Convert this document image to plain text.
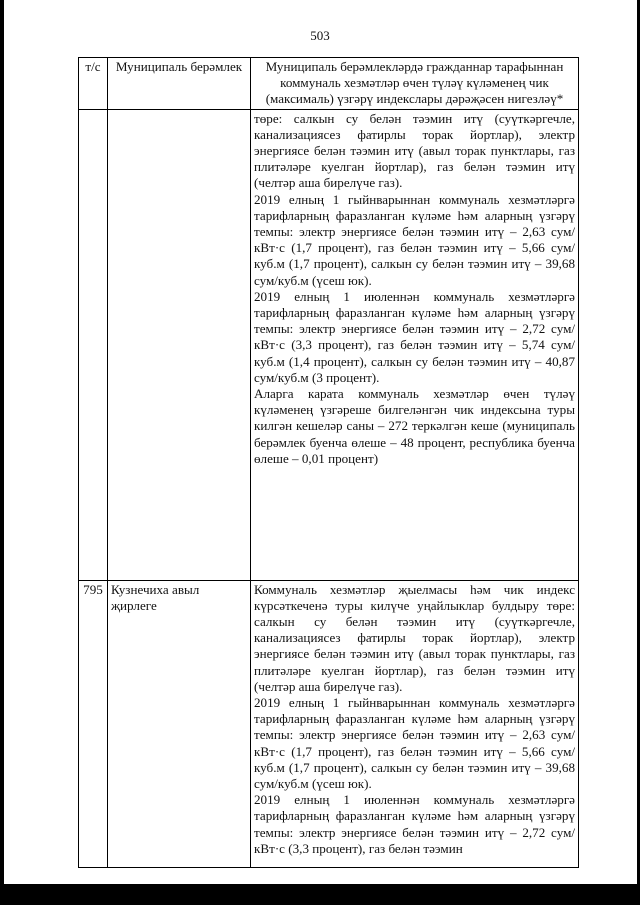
503
т/с	Муниципаль берәмлек	Муниципаль берәмлекләрдә гражданнар тарафыннан коммуналь хезмәтләр өчен түләү күләменең чик (максималь) үзгәрү индекслары дәрәҗәсен нигезләү*

		төре: салкын су белән тәэмин итү (суүткәргечле, канализациясез фатирлы торак йортлар), электр энергиясе белән тәэмин итү (авыл торак пунктлары, газ плитәләре куелган йортлар), газ белән тәэмин итү (челтәр аша бирелүче газ).

2019 елның 1 гыйнварыннан коммуналь хезмәтләргә тарифларның фаразланган күләме һәм аларның үзгәрү темпы: электр энергиясе белән тәэмин итү – 2,63 сум/кВт·с (1,7 процент), газ белән тәэмин итү – 5,66 сум/куб.м (1,7 процент), салкын су белән тәэмин итү – 39,68 сум/куб.м (үсеш юк).

2019 елның 1 июленнән коммуналь хезмәтләргә тарифларның фаразланган күләме һәм аларның үзгәрү темпы: электр энергиясе белән тәэмин итү – 2,72 сум/кВт·с (3,3 процент), газ белән тәэмин итү – 5,74 сум/куб.м (1,4 процент), салкын су белән тәэмин итү – 40,87 сум/куб.м (3 процент).

Аларга карата коммуналь хезмәтләр өчен түләү күләменең үзгәреше билгеләнгән чик индексына туры килгән кешеләр саны – 272 теркәлгән кеше (муниципаль берәмлек буенча өлеше – 48 процент, республика буенча өлеше – 0,01 процент)

795	Кузнечиха авыл җирлеге	Коммуналь хезмәтләр җыелмасы һәм чик индекс күрсәткеченә туры килүче уңайлыклар булдыру төре: салкын су белән тәэмин итү (суүткәргечле, канализациясез фатирлы торак йортлар), электр энергиясе белән тәэмин итү (авыл торак пунктлары, газ плитәләре куелган йортлар), газ белән тәэмин итү (челтәр аша бирелүче газ).

2019 елның 1 гыйнварыннан коммуналь хезмәтләргә тарифларның фаразланган күләме һәм аларның үзгәрү темпы: электр энергиясе белән тәэмин итү – 2,63 сум/кВт·с (1,7 процент), газ белән тәэмин итү – 5,66 сум/куб.м (1,7 процент), салкын су белән тәэмин итү – 39,68 сум/куб.м (үсеш юк).

2019 елның 1 июленнән коммуналь хезмәтләргә тарифларның фаразланган күләме һәм аларның үзгәрү темпы: электр энергиясе белән тәэмин итү – 2,72 сум/кВт·с (3,3 процент), газ белән тәэмин
